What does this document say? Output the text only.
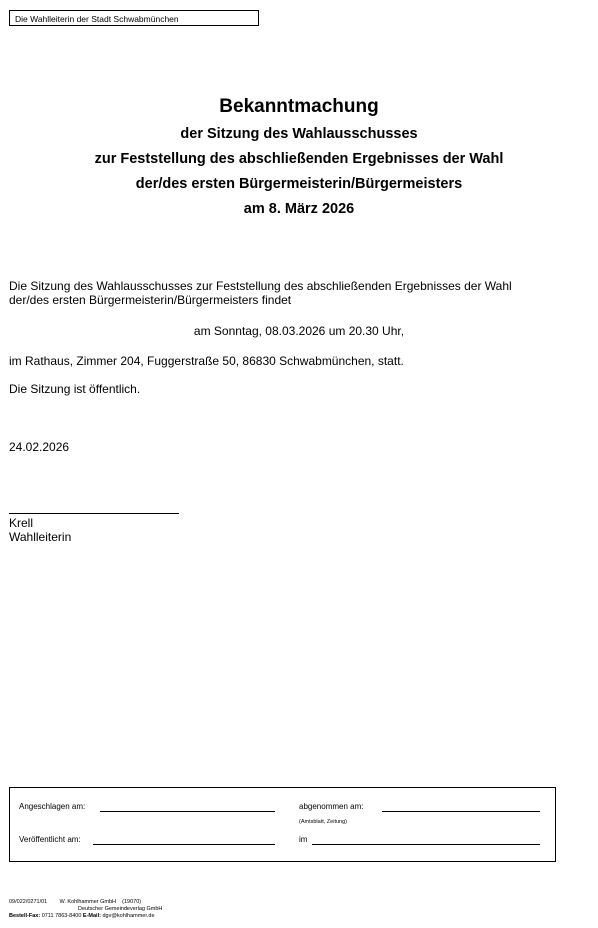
Die Wahlleiterin der Stadt Schwabmünchen
Bekanntmachung
der Sitzung des Wahlausschusses
zur Feststellung des abschließenden Ergebnisses der Wahl
der/des ersten Bürgermeisterin/Bürgermeisters
am 8. März 2026
Die Sitzung des Wahlausschusses zur Feststellung des abschließenden Ergebnisses der Wahl
der/des ersten Bürgermeisterin/Bürgermeisters findet
am Sonntag, 08.03.2026 um 20.30 Uhr,
im Rathaus, Zimmer 204, Fuggerstraße 50, 86830 Schwabmünchen, statt.
Die Sitzung ist öffentlich.
24.02.2026
Krell
Wahlleiterin
Angeschlagen am:	abgenommen am:
(Amtsblatt, Zeitung)
Veröffentlicht am:	im
09/022/0271/01 W. Kohlhammer GmbH (19070)
Deutscher Gemeindeverlag GmbH
Bestell-Fax: 0711 7863-8400 E-Mail: dgv@kohlhammer.de
